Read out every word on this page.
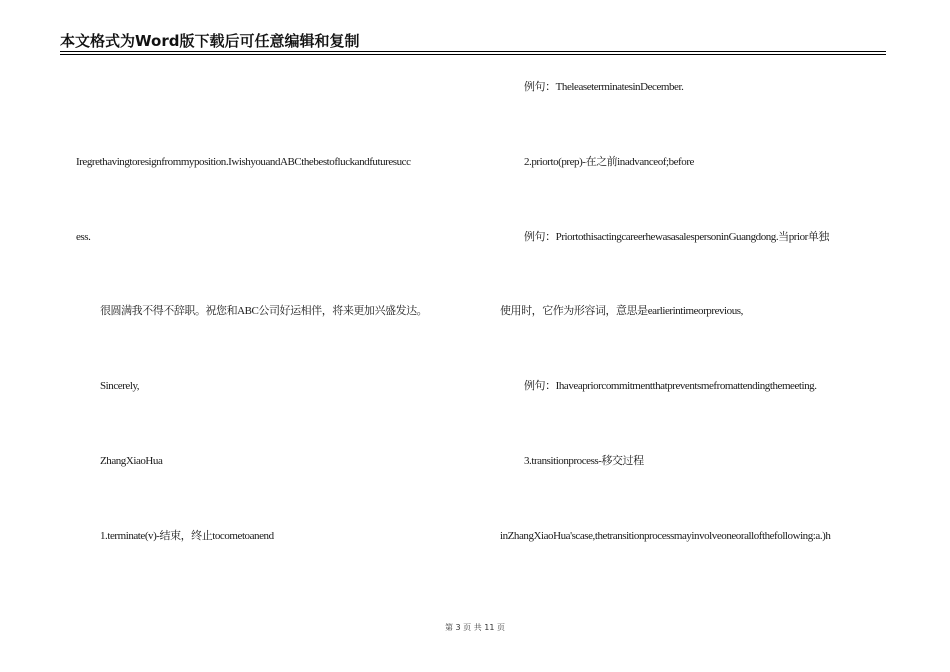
本文格式为Word版下载后可任意编辑和复制
Iregrethavingtoresignfrommyposition.IwishyouandABCthebestofluckandfuturesucc
ess.
很圆满我不得不辞职。祝您和ABC公司好运相伴，将来更加兴盛发达。
Sincerely,
ZhangXiaoHua
1.terminate(v)-结束，终止tocometoanend
例句：TheleaseterminatesinDecember.
2.priorto(prep)-在之前inadvanceof;before
例句：PriortothisactingcareerhewasasalespersoninGuangdong.当prior单独
使用时，它作为形容词，意思是earlierintimeorprevious,
例句：Ihaveapriorcommitmentthatpreventsmefromattendingthemeeting.
3.transitionprocess-移交过程
inZhangXiaoHua'scase,thetransitionprocessmayinvolveoneorallofthefollowing:a.)h
第 3 页 共 11 页
